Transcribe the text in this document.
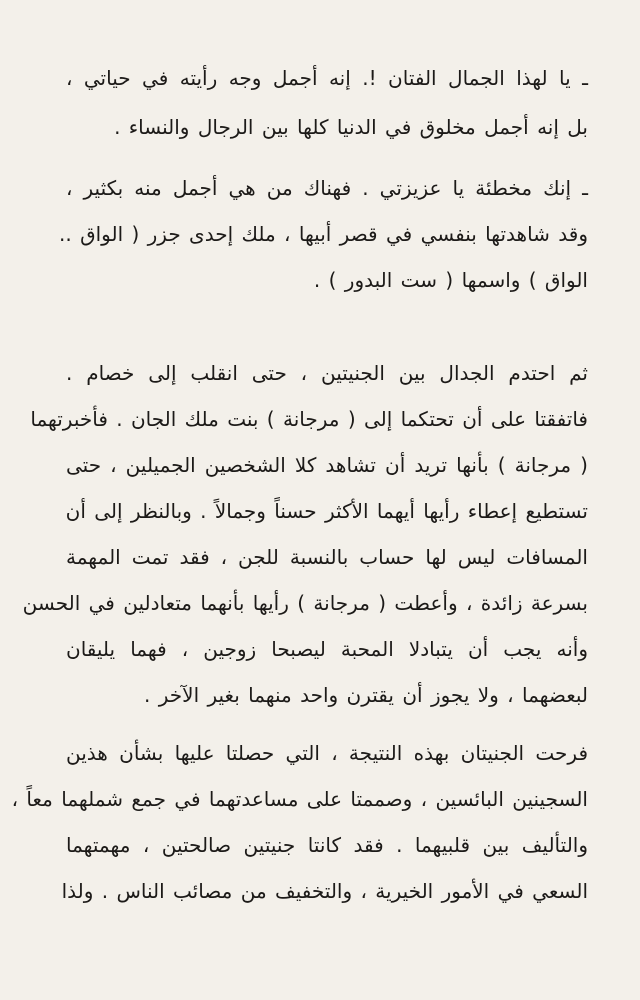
ـ يا لهذا الجمال الفتان !. إنه أجمل وجه رأيته في حياتي ،
بل إنه أجمل مخلوق في الدنيا كلها بين الرجال والنساء .
ـ إنك مخطئة يا عزيزتي . فهناك من هي أجمل منه بكثير ،
وقد شاهدتها بنفسي في قصر أبيها ، ملك إحدى جزر ( الواق ..
الواق ) واسمها ( ست البدور ) .
ثم احتدم الجدال بين الجنيتين ، حتى انقلب إلى خصام .
فاتفقتا على أن تحتكما إلى ( مرجانة ) بنت ملك الجان . فأخبرتهما
( مرجانة ) بأنها تريد أن تشاهد كلا الشخصين الجميلين ، حتى
تستطيع إعطاء رأيها أيهما الأكثر حسناً وجمالاً . وبالنظر إلى أن
المسافات ليس لها حساب بالنسبة للجن ، فقد تمت المهمة
بسرعة زائدة ، وأعطت ( مرجانة ) رأيها بأنهما متعادلين في الحسن
وأنه يجب أن يتبادلا المحبة ليصبحا زوجين ، فهما يليقان
لبعضهما ، ولا يجوز أن يقترن واحد منهما بغير الآخر .
فرحت الجنيتان بهذه النتيجة ، التي حصلتا عليها بشأن هذين
السجينين البائسين ، وصممتا على مساعدتهما في جمع شملهما معاً ،
والتأليف بين قلبيهما . فقد كانتا جنيتين صالحتين ، مهمتهما
السعي في الأمور الخيرية ، والتخفيف من مصائب الناس . ولذا
